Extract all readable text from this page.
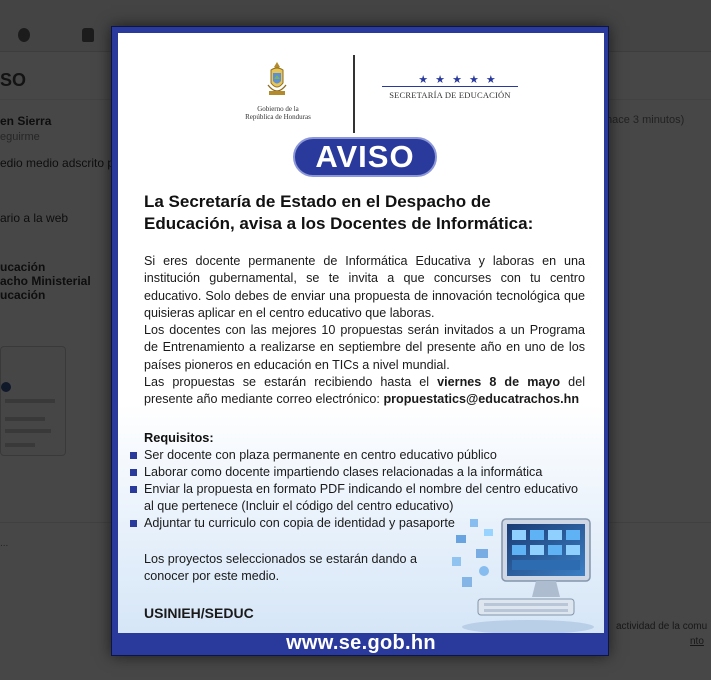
Gobierno de la
República de Honduras
★ ★ ★ ★ ★
SECRETARÍA DE EDUCACIÓN
AVISO
La Secretaría de Estado en el Despacho de Educación, avisa a los Docentes de Informática:

Si eres docente permanente de Informática Educativa y laboras en una institución gubernamental, se te invita a que concurses con tu centro educativo. Solo debes de enviar una propuesta de innovación tecnológica que quisieras aplicar en el centro educativo que laboras.

Los docentes con las mejores 10 propuestas serán invitados a un Programa de Entrenamiento a realizarse en septiembre del presente año en uno de los países pioneros en educación en TICs a nivel mundial.

Las propuestas se estarán recibiendo hasta el viernes 8 de mayo del presente año mediante correo electrónico: propuestatics@educatrachos.hn

Requisitos:
Ser docente con plaza permanente en centro educativo público
Laborar como docente impartiendo clases relacionadas a la informática
Enviar la propuesta en formato PDF indicando el nombre del centro educativo al que pertenece (Incluir el código del centro educativo)
Adjuntar tu curriculo con copia de identidad y pasaporte
Los proyectos seleccionados se estarán dando a conocer por este medio.
USINIEH/SEDUC
www.se.gob.hn
